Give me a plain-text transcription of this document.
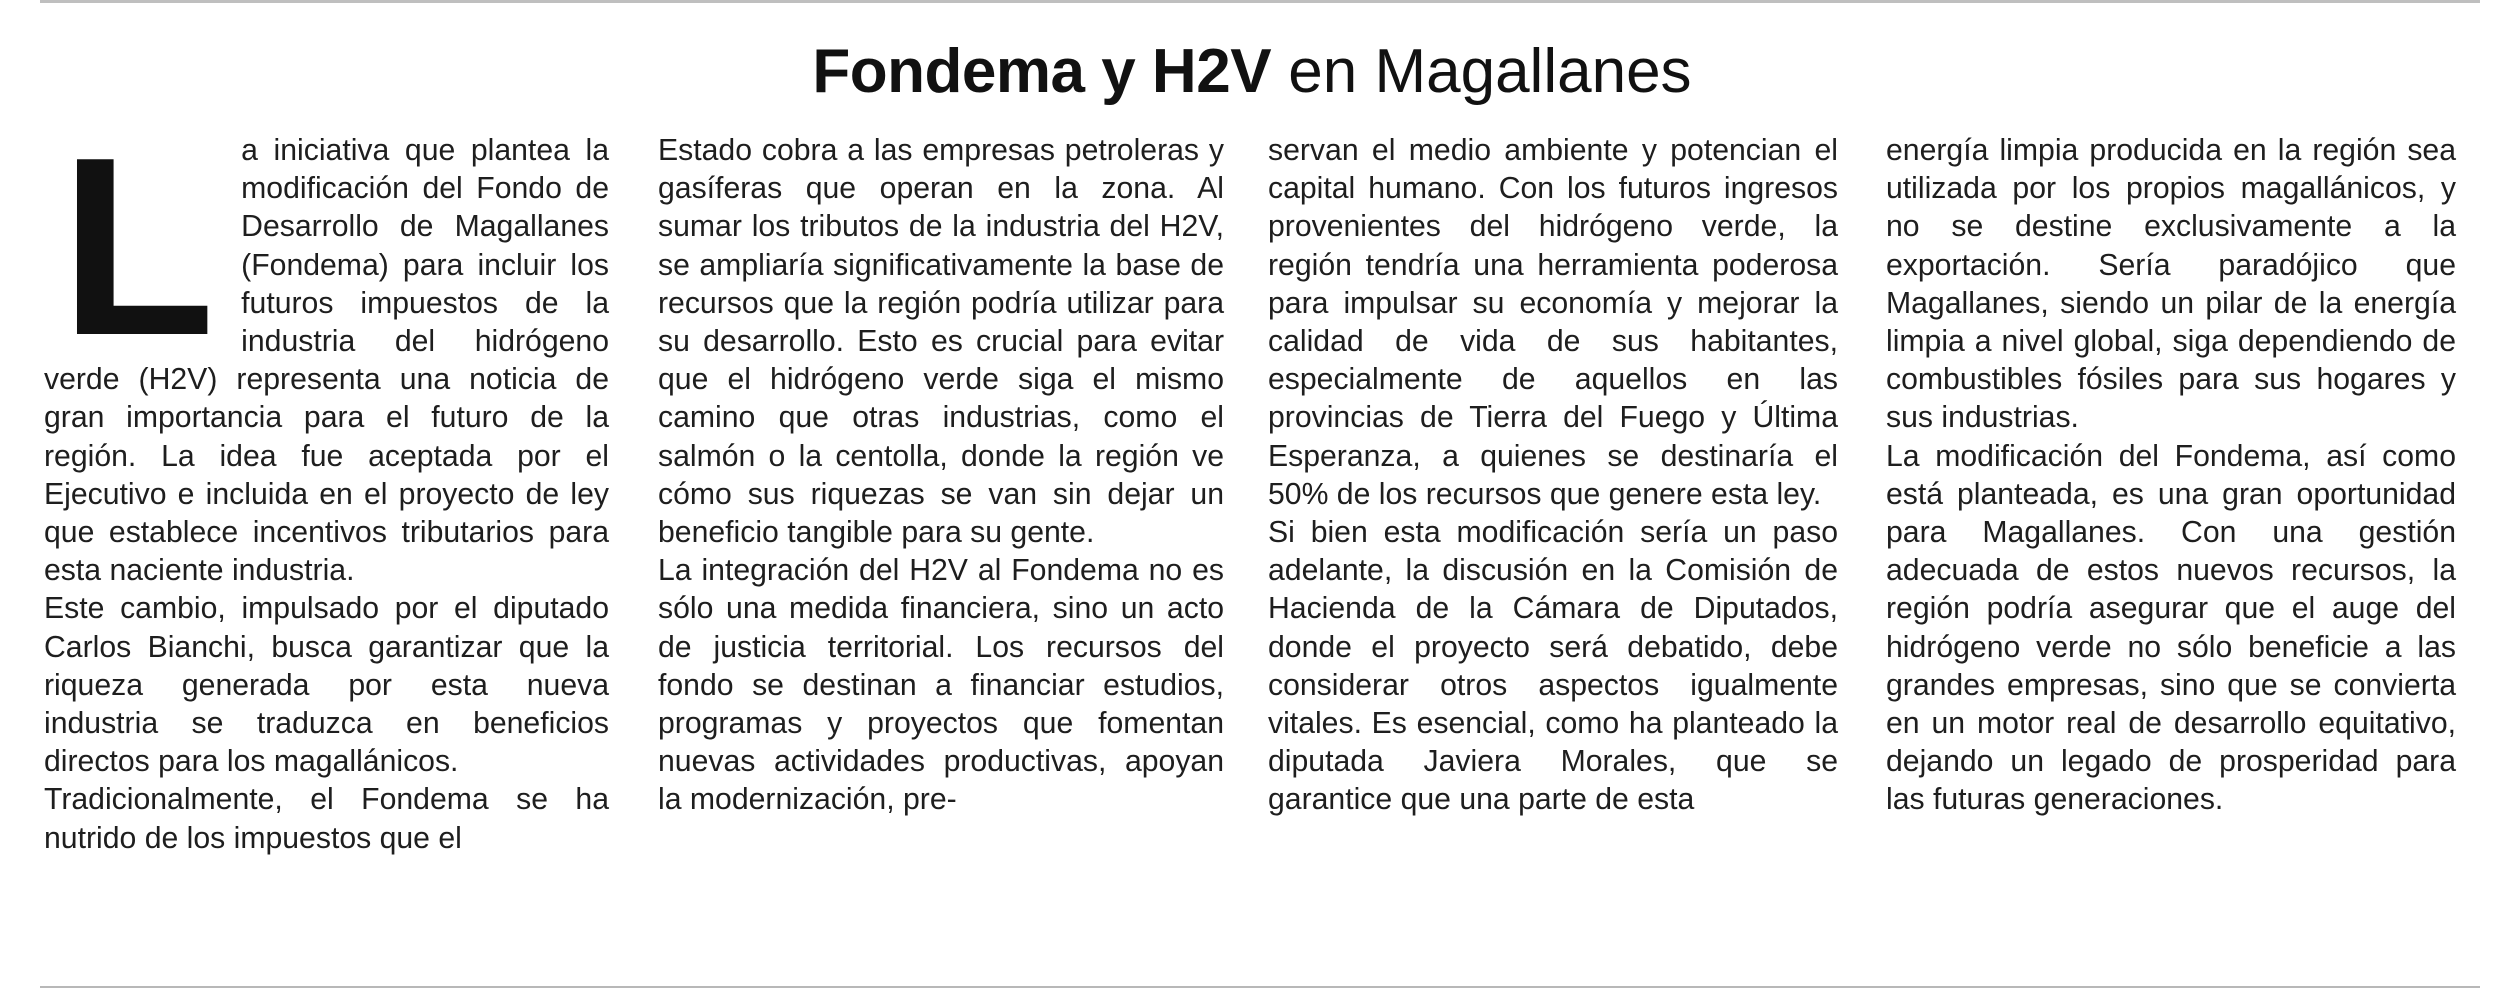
Fondema y H2V en Magallanes
L a iniciativa que plantea la modificación del Fondo de Desarrollo de Magallanes (Fondema) para incluir los futuros impuestos de la industria del hidrógeno verde (H2V) representa una noticia de gran importancia para el futuro de la región. La idea fue aceptada por el Ejecutivo e incluida en el proyecto de ley que establece incentivos tributarios para esta naciente industria.

Este cambio, impulsado por el diputado Carlos Bianchi, busca garantizar que la riqueza generada por esta nueva industria se traduzca en beneficios directos para los magallánicos.

Tradicionalmente, el Fondema se ha nutrido de los impuestos que el

Estado cobra a las empresas petroleras y gasíferas que operan en la zona. Al sumar los tributos de la industria del H2V, se ampliaría significativamente la base de recursos que la región podría utilizar para su desarrollo. Esto es crucial para evitar que el hidrógeno verde siga el mismo camino que otras industrias, como el salmón o la centolla, donde la región ve cómo sus riquezas se van sin dejar un beneficio tangible para su gente.

La integración del H2V al Fondema no es sólo una medida financiera, sino un acto de justicia territorial. Los recursos del fondo se destinan a financiar estudios, programas y proyectos que fomentan nuevas actividades productivas, apoyan la modernización, pre-

servan el medio ambiente y potencian el capital humano. Con los futuros ingresos provenientes del hidrógeno verde, la región tendría una herramienta poderosa para impulsar su economía y mejorar la calidad de vida de sus habitantes, especialmente de aquellos en las provincias de Tierra del Fuego y Última Esperanza, a quienes se destinaría el 50% de los recursos que genere esta ley.

Si bien esta modificación sería un paso adelante, la discusión en la Comisión de Hacienda de la Cámara de Diputados, donde el proyecto será debatido, debe considerar otros aspectos igualmente vitales. Es esencial, como ha planteado la diputada Javiera Morales, que se garantice que una parte de esta

energía limpia producida en la región sea utilizada por los propios magallánicos, y no se destine exclusivamente a la exportación. Sería paradójico que Magallanes, siendo un pilar de la energía limpia a nivel global, siga dependiendo de combustibles fósiles para sus hogares y sus industrias.

La modificación del Fondema, así como está planteada, es una gran oportunidad para Magallanes. Con una gestión adecuada de estos nuevos recursos, la región podría asegurar que el auge del hidrógeno verde no sólo beneficie a las grandes empresas, sino que se convierta en un motor real de desarrollo equitativo, dejando un legado de prosperidad para las futuras generaciones.
